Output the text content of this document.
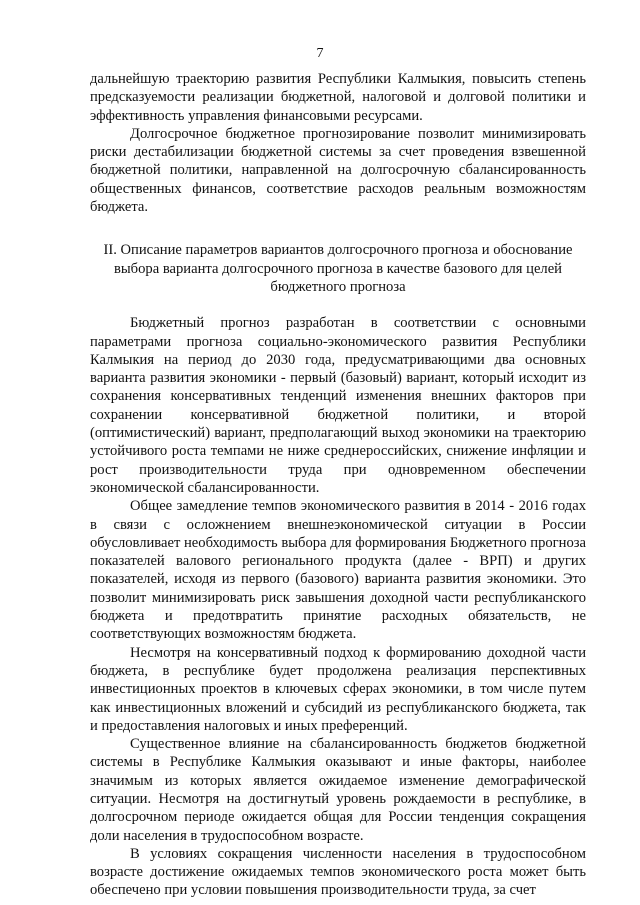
7

дальнейшую траекторию развития Республики Калмыкия, повысить степень предсказуемости реализации бюджетной, налоговой и долговой политики и эффективность управления финансовыми ресурсами.

Долгосрочное бюджетное прогнозирование позволит минимизировать риски дестабилизации бюджетной системы за счет проведения взвешенной бюджетной политики, направленной на долгосрочную сбалансированность общественных финансов, соответствие расходов реальным возможностям бюджета.

II. Описание параметров вариантов долгосрочного прогноза и обоснование выбора варианта долгосрочного прогноза в качестве базового для целей бюджетного прогноза

Бюджетный прогноз разработан в соответствии с основными параметрами прогноза социально-экономического развития Республики Калмыкия на период до 2030 года, предусматривающими два основных варианта развития экономики - первый (базовый) вариант, который исходит из сохранения консервативных тенденций изменения внешних факторов при сохранении консервативной бюджетной политики, и второй (оптимистический) вариант, предполагающий выход экономики на траекторию устойчивого роста темпами не ниже среднероссийских, снижение инфляции и рост производительности труда при одновременном обеспечении экономической сбалансированности.

Общее замедление темпов экономического развития в 2014 - 2016 годах в связи с осложнением внешнеэкономической ситуации в России обусловливает необходимость выбора для формирования Бюджетного прогноза показателей валового регионального продукта (далее - ВРП) и других показателей, исходя из первого (базового) варианта развития экономики. Это позволит минимизировать риск завышения доходной части республиканского бюджета и предотвратить принятие расходных обязательств, не соответствующих возможностям бюджета.

Несмотря на консервативный подход к формированию доходной части бюджета, в республике будет продолжена реализация перспективных инвестиционных проектов в ключевых сферах экономики, в том числе путем как инвестиционных вложений и субсидий из республиканского бюджета, так и предоставления налоговых и иных преференций.

Существенное влияние на сбалансированность бюджетов бюджетной системы в Республике Калмыкия оказывают и иные факторы, наиболее значимым из которых является ожидаемое изменение демографической ситуации. Несмотря на достигнутый уровень рождаемости в республике, в долгосрочном периоде ожидается общая для России тенденция сокращения доли населения в трудоспособном возрасте.

В условиях сокращения численности населения в трудоспособном возрасте достижение ожидаемых темпов экономического роста может быть обеспечено при условии повышения производительности труда, за счет
